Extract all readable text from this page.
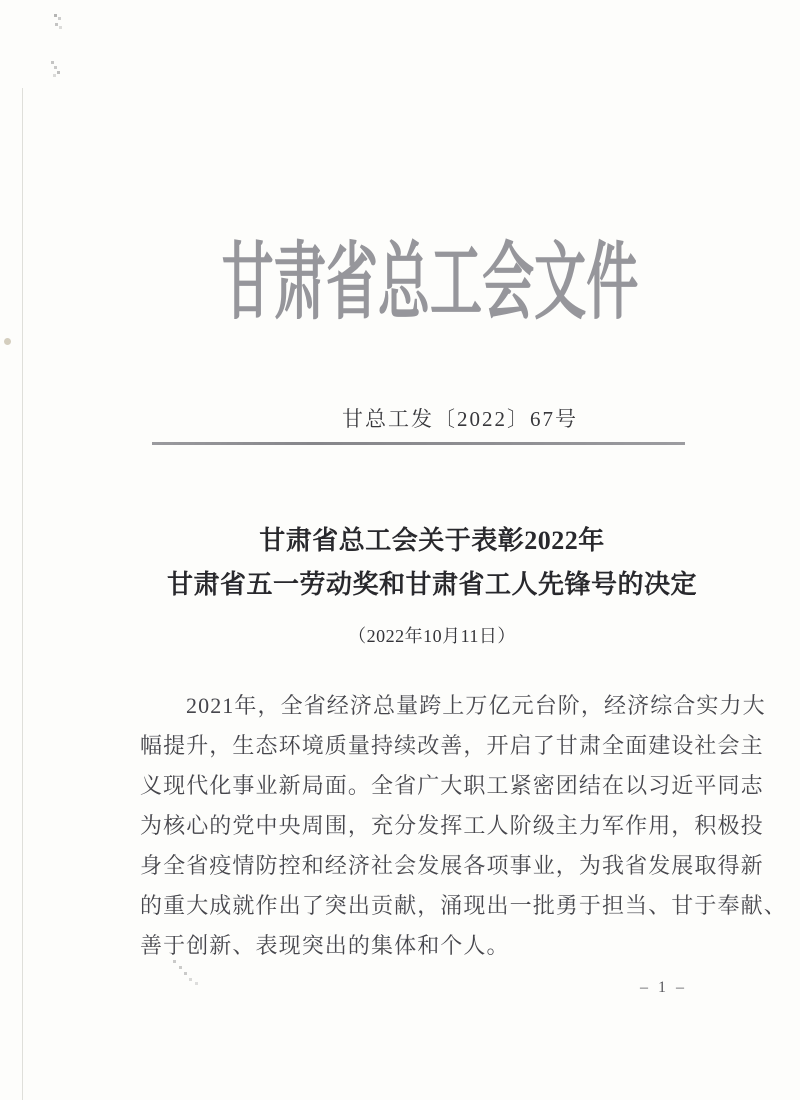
甘肃省总工会文件
甘总工发〔2022〕67号
甘肃省总工会关于表彰2022年
甘肃省五一劳动奖和甘肃省工人先锋号的决定
（2022年10月11日）
2021年，全省经济总量跨上万亿元台阶，经济综合实力大
幅提升，生态环境质量持续改善，开启了甘肃全面建设社会主
义现代化事业新局面。全省广大职工紧密团结在以习近平同志
为核心的党中央周围，充分发挥工人阶级主力军作用，积极投
身全省疫情防控和经济社会发展各项事业，为我省发展取得新
的重大成就作出了突出贡献，涌现出一批勇于担当、甘于奉献、
善于创新、表现突出的集体和个人。
– 1 –
